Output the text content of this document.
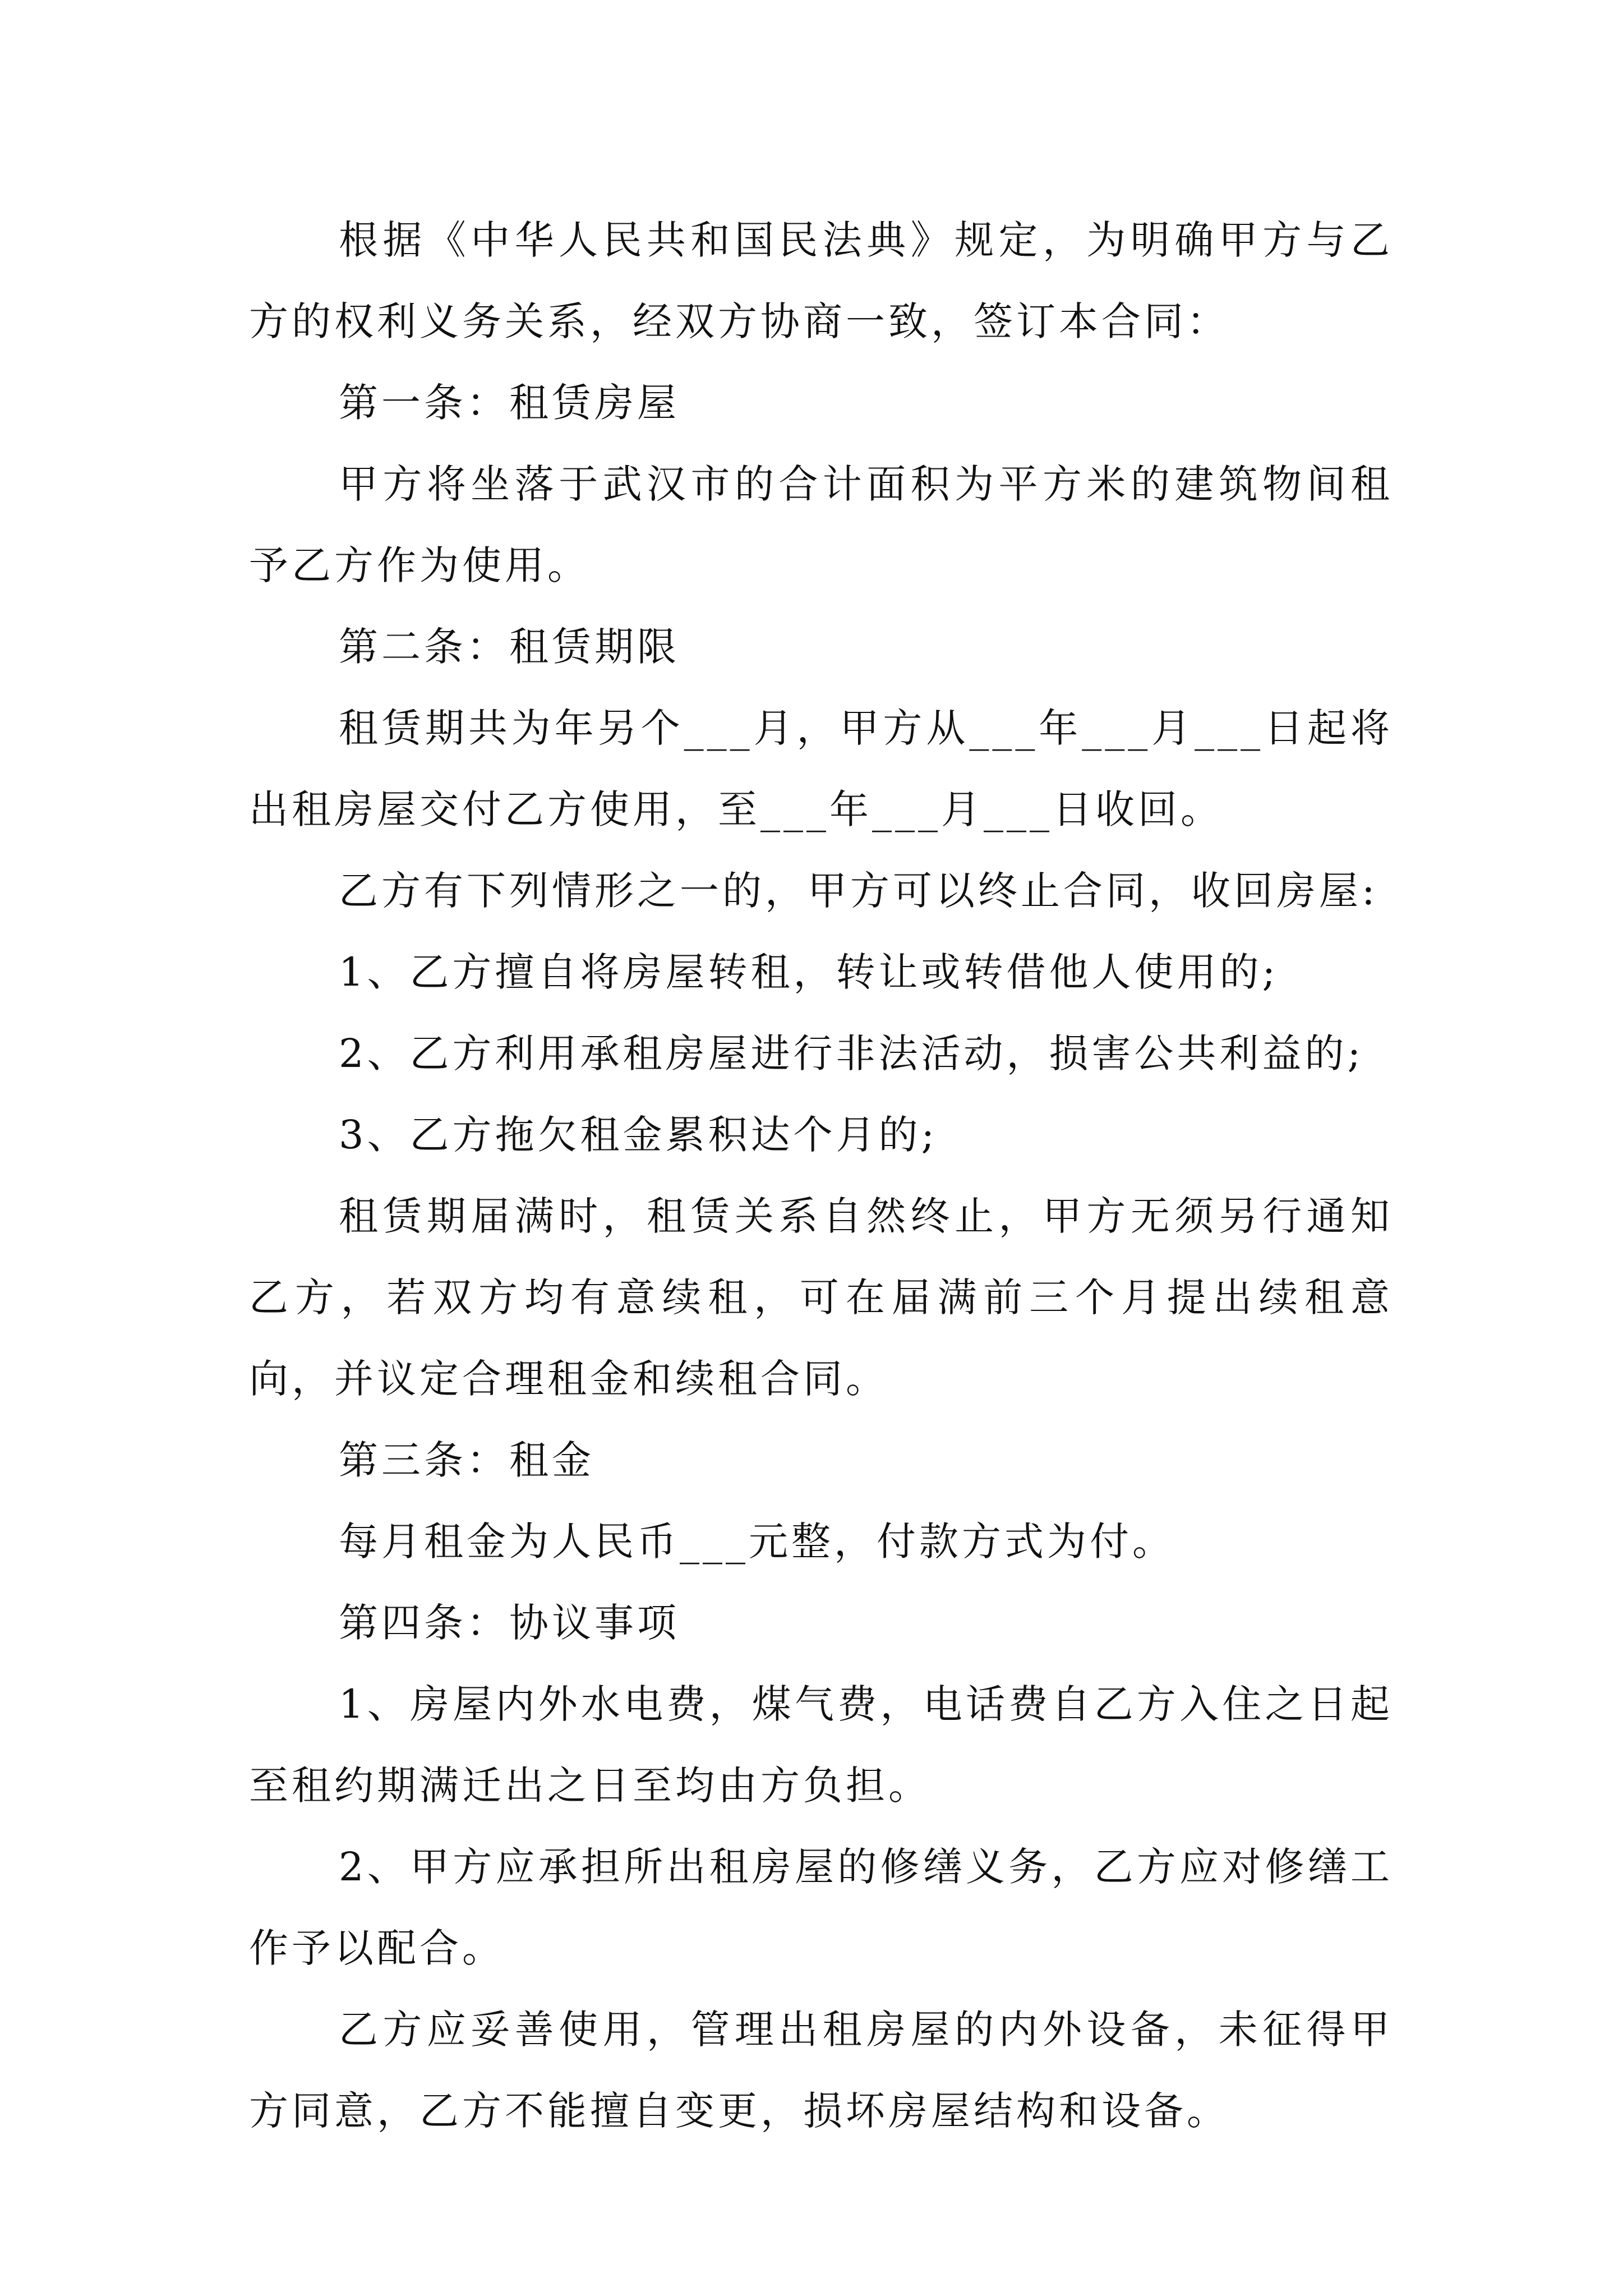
根据《中华人民共和国民法典》规定，为明确甲方与乙方的权利义务关系，经双方协商一致，签订本合同：

第一条：租赁房屋

甲方将坐落于武汉市的合计面积为平方米的建筑物间租予乙方作为使用。

第二条：租赁期限

租赁期共为年另个___月，甲方从___年___月___日起将出租房屋交付乙方使用，至___年___月___日收回。

乙方有下列情形之一的，甲方可以终止合同，收回房屋:

1、乙方擅自将房屋转租，转让或转借他人使用的;

2、乙方利用承租房屋进行非法活动，损害公共利益的;

3、乙方拖欠租金累积达个月的;

租赁期届满时，租赁关系自然终止，甲方无须另行通知乙方，若双方均有意续租，可在届满前三个月提出续租意向，并议定合理租金和续租合同。

第三条：租金

每月租金为人民币___元整，付款方式为付。

第四条：协议事项

1、房屋内外水电费，煤气费，电话费自乙方入住之日起至租约期满迁出之日至均由方负担。

2、甲方应承担所出租房屋的修缮义务，乙方应对修缮工作予以配合。

乙方应妥善使用，管理出租房屋的内外设备，未征得甲方同意，乙方不能擅自变更，损坏房屋结构和设备。
